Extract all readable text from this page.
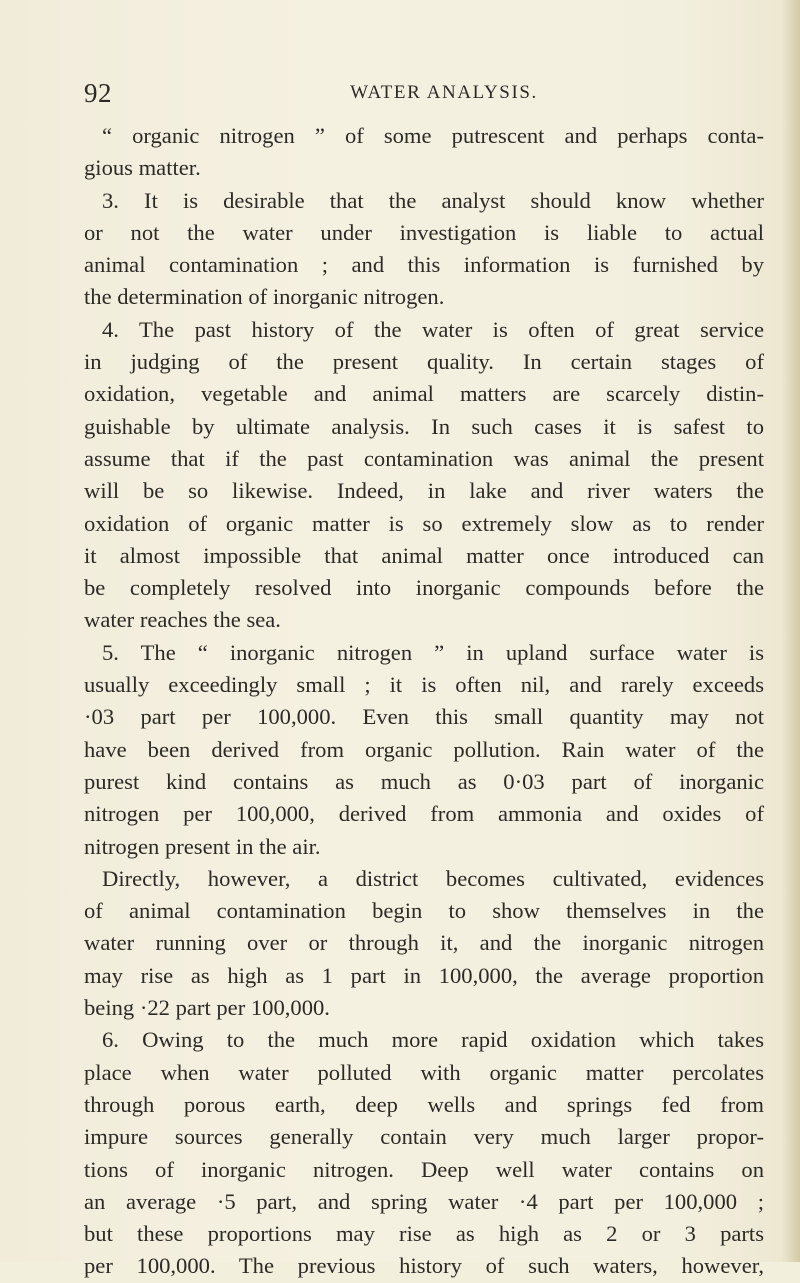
92	WATER ANALYSIS.
“ organic nitrogen ” of some putrescent and perhaps conta-
gious matter.
3. It is desirable that the analyst should know whether
or not the water under investigation is liable to actual
animal contamination ; and this information is furnished by
the determination of inorganic nitrogen.
4. The past history of the water is often of great service
in judging of the present quality. In certain stages of
oxidation, vegetable and animal matters are scarcely distin-
guishable by ultimate analysis. In such cases it is safest to
assume that if the past contamination was animal the present
will be so likewise. Indeed, in lake and river waters the
oxidation of organic matter is so extremely slow as to render
it almost impossible that animal matter once introduced can
be completely resolved into inorganic compounds before the
water reaches the sea.
5. The “ inorganic nitrogen ” in upland surface water is
usually exceedingly small ; it is often nil, and rarely exceeds
·03 part per 100,000. Even this small quantity may not
have been derived from organic pollution. Rain water of the
purest kind contains as much as 0·03 part of inorganic
nitrogen per 100,000, derived from ammonia and oxides of
nitrogen present in the air.
Directly, however, a district becomes cultivated, evidences
of animal contamination begin to show themselves in the
water running over or through it, and the inorganic nitrogen
may rise as high as 1 part in 100,000, the average proportion
being ·22 part per 100,000.
6. Owing to the much more rapid oxidation which takes
place when water polluted with organic matter percolates
through porous earth, deep wells and springs fed from
impure sources generally contain very much larger propor-
tions of inorganic nitrogen. Deep well water contains on
an average ·5 part, and spring water ·4 part per 100,000 ;
but these proportions may rise as high as 2 or 3 parts
per 100,000. The previous history of such waters, however,
